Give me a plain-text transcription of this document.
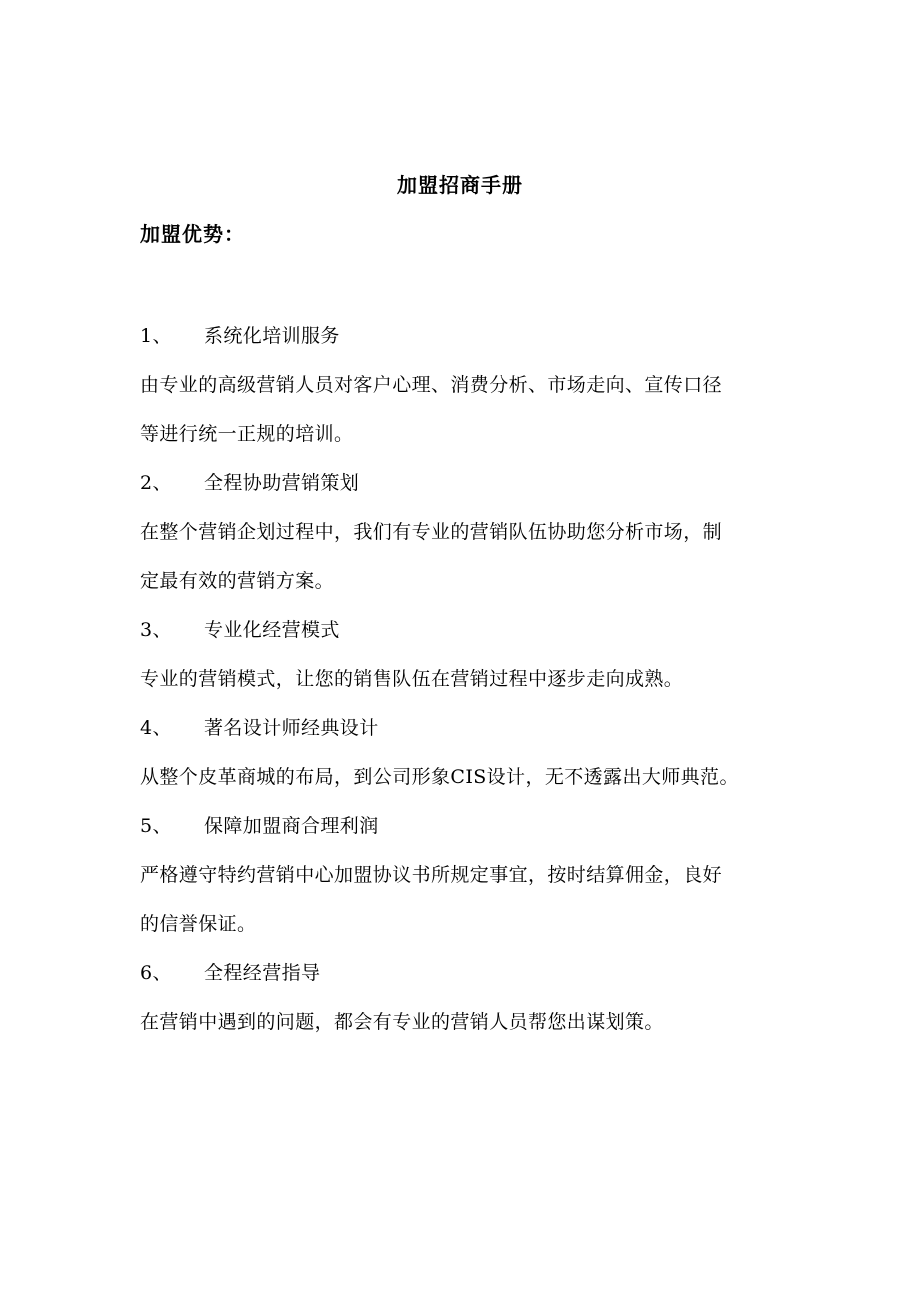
加盟招商手册
加盟优势：
1、	系统化培训服务
由专业的高级营销人员对客户心理、消费分析、市场走向、宣传口径
等进行统一正规的培训。
2、	全程协助营销策划
在整个营销企划过程中，我们有专业的营销队伍协助您分析市场，制
定最有效的营销方案。
3、	专业化经营模式
专业的营销模式，让您的销售队伍在营销过程中逐步走向成熟。
4、	著名设计师经典设计
从整个皮革商城的布局，到公司形象CIS设计，无不透露出大师典范。
5、	保障加盟商合理利润
严格遵守特约营销中心加盟协议书所规定事宜，按时结算佣金，良好
的信誉保证。
6、	全程经营指导
在营销中遇到的问题，都会有专业的营销人员帮您出谋划策。
